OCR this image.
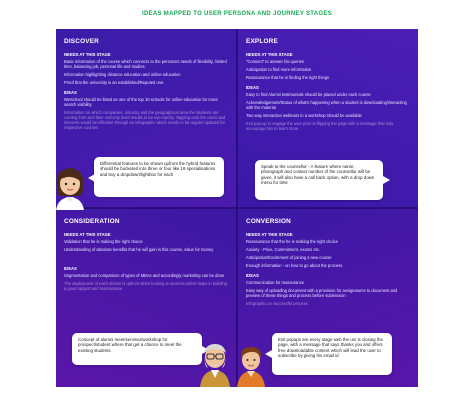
IDEAS MAPPED TO USER PERSONA AND JOURNEY STAGES
DISCOVER
NEEDS AT THIS STAGE
Basic information of the course which connects to the persona's needs of flexibility, limited time, balancing job, personal life and studies.
Information highlighting distance education and online education
Proof that the university is an established/Reputed one.
IDEAS
WeSchool should be listed as one of the top 10 schools for online education for more search visibility.
Information on which companies, industry and the geographical area the students are coming from and their seniority level results to be eye-catchy. Tapping onto the users and interests would be effective through an infographic which needs to be regular updated for respective courses
EXPLORE
NEEDS AT THIS STAGE
"Connect" to answer his queries
Anticipation to find more information
Reassurance that he is finding the right things
IDEAS
Easy to find Alumni testimonials should be placed under each course
Acknowledgement/Status of what's happening when a student is downloading/interacting with the material
Two way interactive webinars in a workshop should be available
Exit pop-up to engage the user prior to flipping the page with a message that may encourage him to learn more
CONSIDERATION
NEEDS AT THIS STAGE
Validation that he is making the right choice
Understanding of absolute benefits that he will gain in this course, value for money
IDEAS
Segmentation and comparison of types of MBAs and accordingly marketing can be done
The deployment of each alumni is upfront when looking at sections which helps in building a good rapport and reassurance
CONVERSION
NEEDS AT THIS STAGE
Reassurance that the he is making the right choice
Anxiety - Price, Commitment, exams etc.
Anticipation/Excitement of joining a new course
Enough information - on how to go about the process
IDEAS
Communication for reassurance
Easy way of uploading document with a provision for assignatures to document and preview of these things and process before submission
Infographic on successful process
Differential features to be shown upfront the hybrid features should be bucketed into three or four like 18 specialisations and buy a dropdown/lightbox for each
Speak to the counsellor - A feature where name, photograph and contact number of the counsellor will be given, it will also have a call back option, with a drop down menu for time
Concept of alumni meet/seminar/workshop for prospect/student where that get a chance to meet the existing students
Exit popups are every stage web the usr is closing the page, with a message that says thanks you and offers free downloadable content which will lead the user to subscribe by giving his email id
